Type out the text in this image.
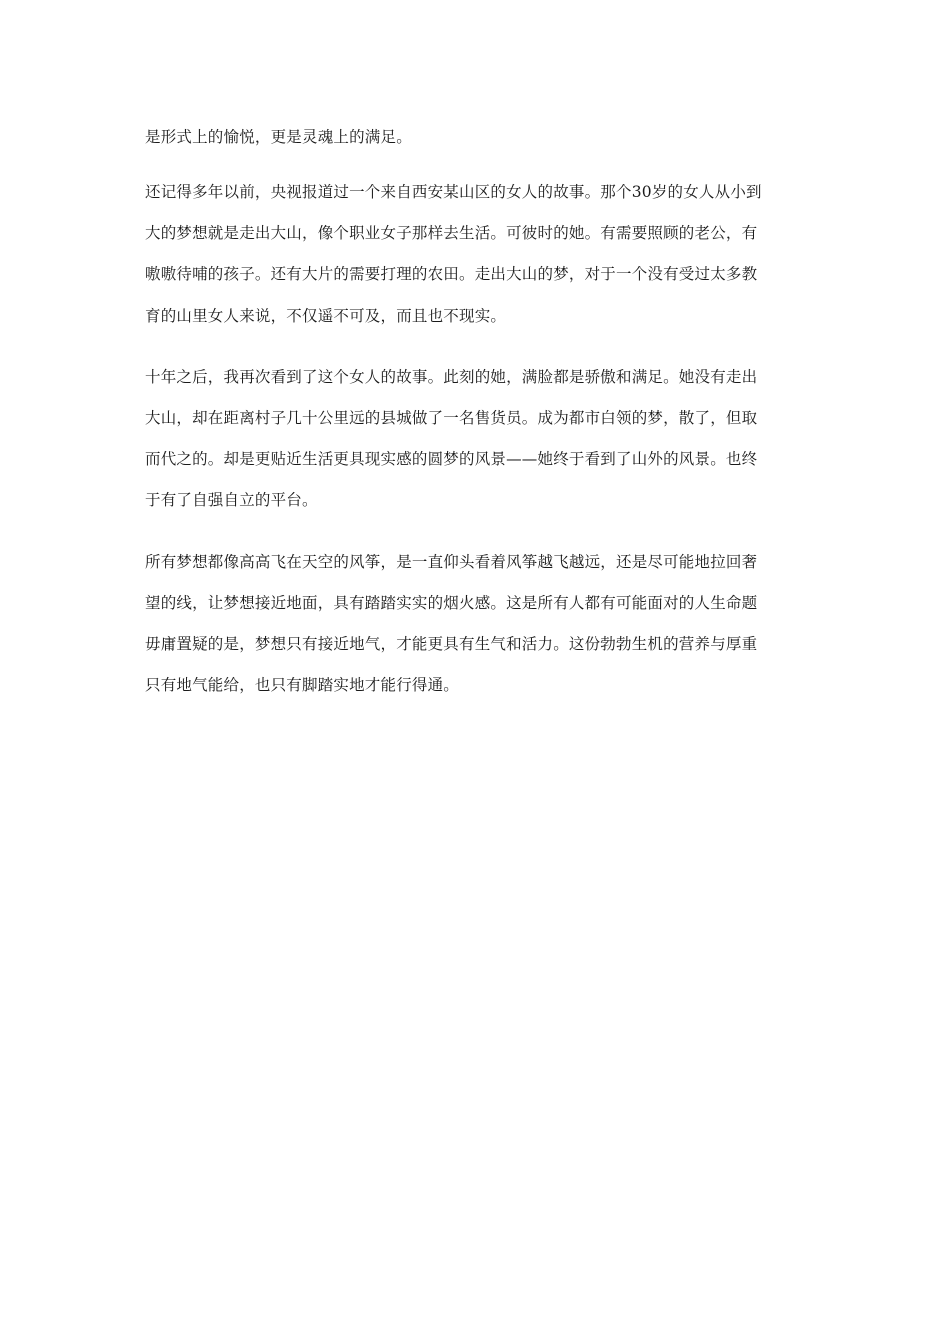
是形式上的愉悦，更是灵魂上的满足。

还记得多年以前，央视报道过一个来自西安某山区的女人的故事。那个30岁的女人从小到
大的梦想就是走出大山，像个职业女子那样去生活。可彼时的她。有需要照顾的老公，有
嗷嗷待哺的孩子。还有大片的需要打理的农田。走出大山的梦，对于一个没有受过太多教
育的山里女人来说，不仅遥不可及，而且也不现实。

十年之后，我再次看到了这个女人的故事。此刻的她，满脸都是骄傲和满足。她没有走出
大山，却在距离村子几十公里远的县城做了一名售货员。成为都市白领的梦，散了，但取
而代之的。却是更贴近生活更具现实感的圆梦的风景——她终于看到了山外的风景。也终
于有了自强自立的平台。

所有梦想都像高高飞在天空的风筝，是一直仰头看着风筝越飞越远，还是尽可能地拉回奢
望的线，让梦想接近地面，具有踏踏实实的烟火感。这是所有人都有可能面对的人生命题
毋庸置疑的是，梦想只有接近地气，才能更具有生气和活力。这份勃勃生机的营养与厚重
只有地气能给，也只有脚踏实地才能行得通。
